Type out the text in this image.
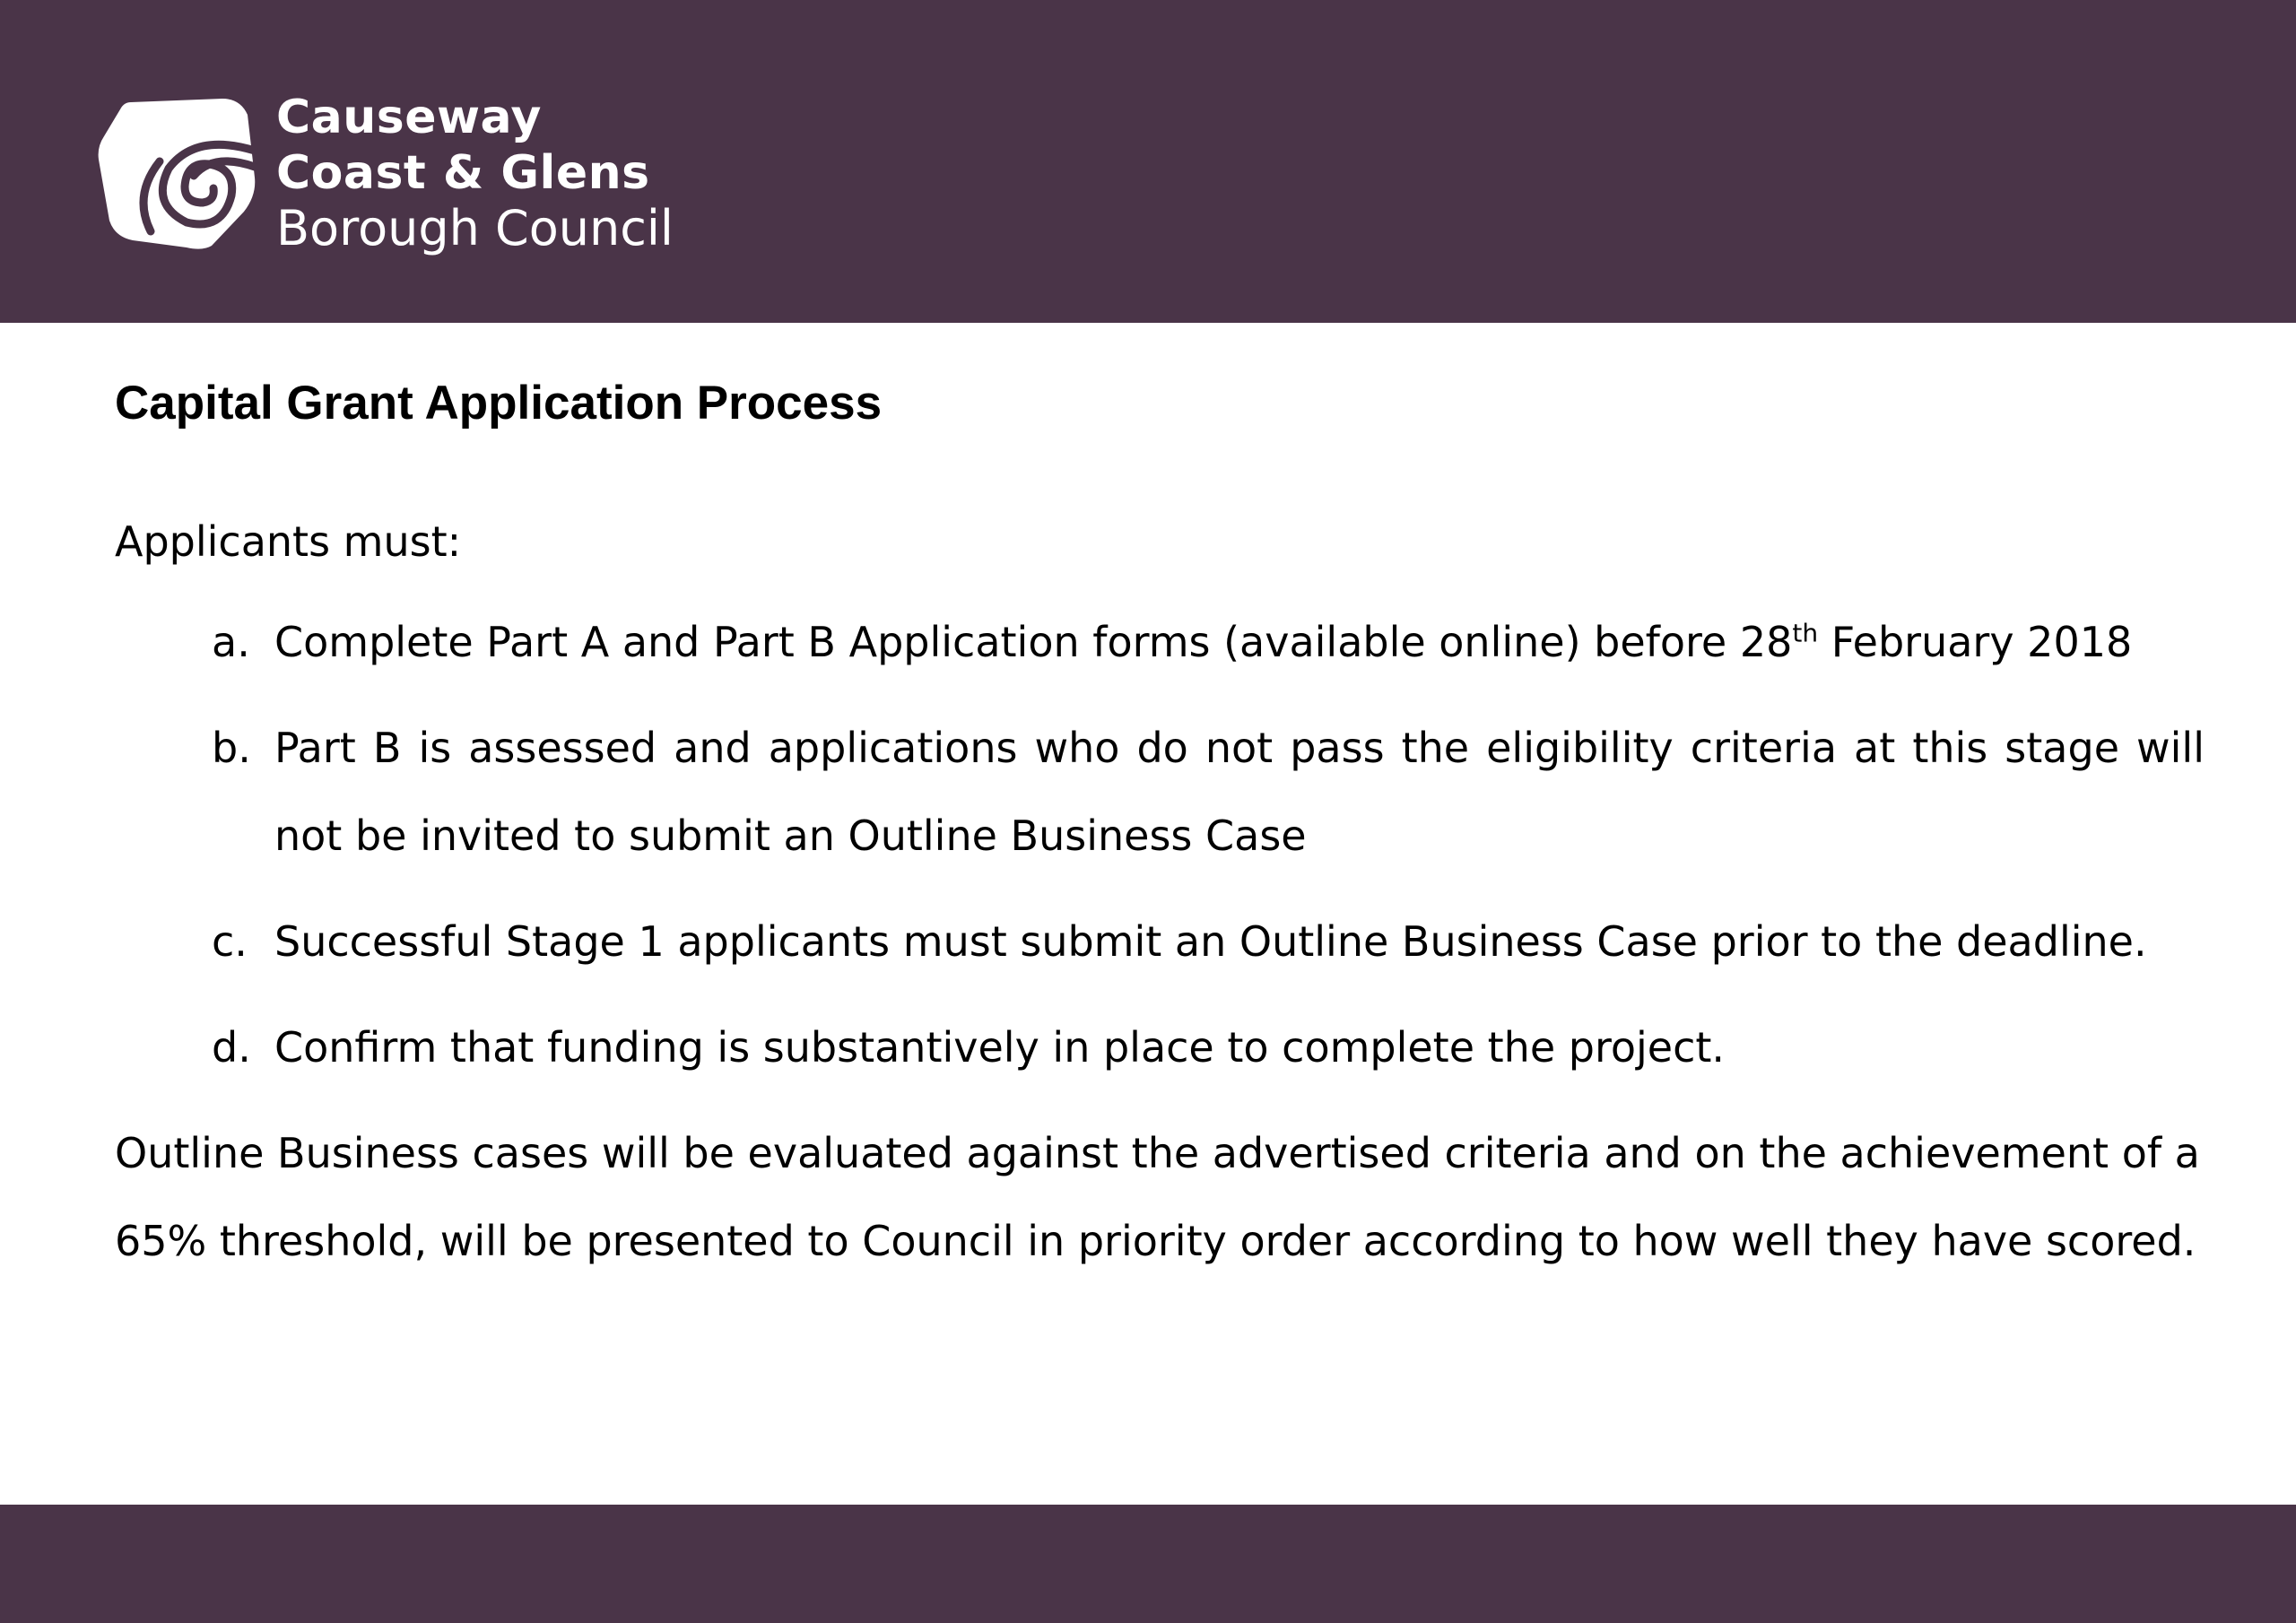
Causeway
Coast & Glens
Borough Council
Capital Grant Application Process
Applicants must:
a. Complete Part A and Part B Application forms (available online) before 28th February 2018
b. Part B is assessed and applications who do not pass the eligibility criteria at this stage will not be invited to submit an Outline Business Case
c. Successful Stage 1 applicants must submit an Outline Business Case prior to the deadline.
d. Confirm that funding is substantively in place to complete the project.
Outline Business cases will be evaluated against the advertised criteria and on the achievement of a 65% threshold, will be presented to Council in priority order according to how well they have scored.
